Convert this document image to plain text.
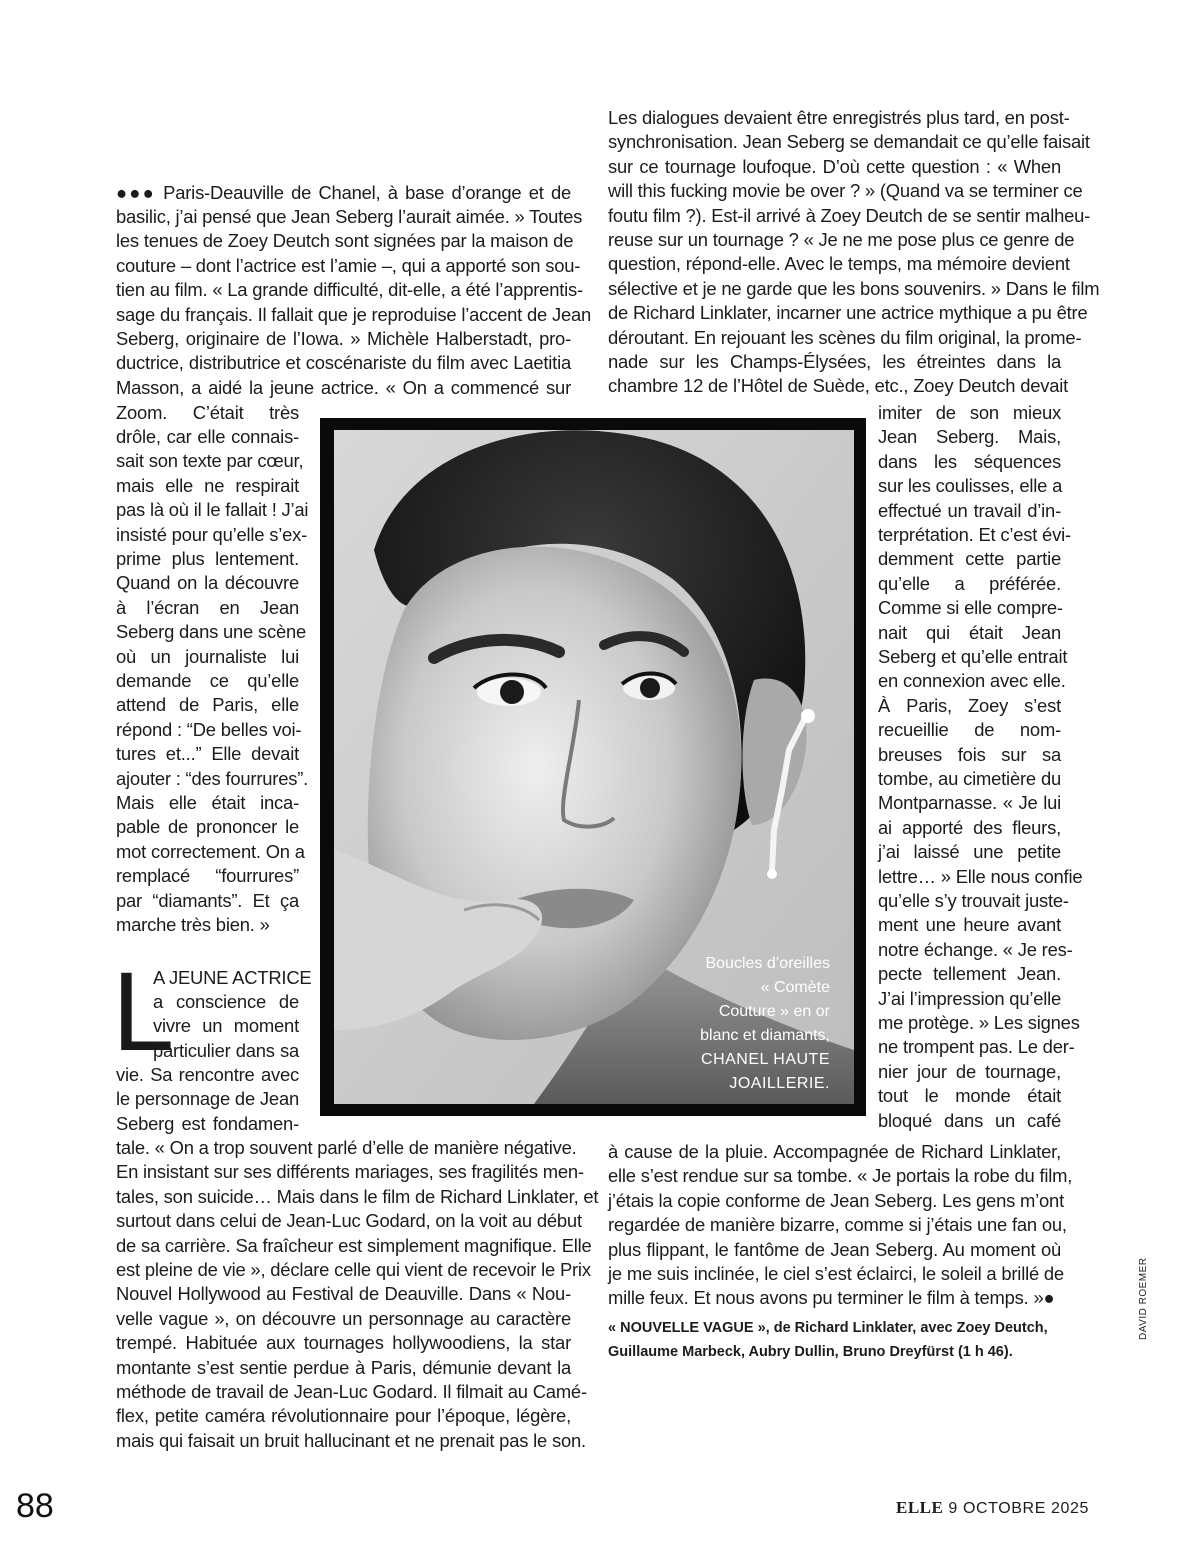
Boucles d’oreilles
« Comète
Couture » en or
blanc et diamants,
CHANEL HAUTE
JOAILLERIE.
L
●●● Paris-Deauville de Chanel, à base d’orange et de
basilic, j’ai pensé que Jean Seberg l’aurait aimée. » Toutes
les tenues de Zoey Deutch sont signées par la maison de
couture – dont l’actrice est l’amie –, qui a apporté son sou-
tien au film. « La grande difficulté, dit-elle, a été l’apprentis-
sage du français. Il fallait que je reproduise l’accent de Jean
Seberg, originaire de l’Iowa. » Michèle Halberstadt, pro-
ductrice, distributrice et coscénariste du film avec Laetitia
Masson, a aidé la jeune actrice. « On a commencé sur
Zoom. C’était très
drôle, car elle connais-
sait son texte par cœur,
mais elle ne respirait
pas là où il le fallait ! J’ai
insisté pour qu’elle s’ex-
prime plus lentement.
Quand on la découvre
à l’écran en Jean
Seberg dans une scène
où un journaliste lui
demande ce qu’elle
attend de Paris, elle
répond : “De belles voi-
tures et...” Elle devait
ajouter : “des fourrures”.
Mais elle était inca-
pable de prononcer le
mot correctement. On a
remplacé “fourrures”
par “diamants”. Et ça
marche très bien. »
A JEUNE ACTRICE
a conscience de
vivre un moment
particulier dans sa
vie. Sa rencontre avec
le personnage de Jean
Seberg est fondamen-
tale. « On a trop souvent parlé d’elle de manière négative.
En insistant sur ses différents mariages, ses fragilités men-
tales, son suicide… Mais dans le film de Richard Linklater, et
surtout dans celui de Jean-Luc Godard, on la voit au début
de sa carrière. Sa fraîcheur est simplement magnifique. Elle
est pleine de vie », déclare celle qui vient de recevoir le Prix
Nouvel Hollywood au Festival de Deauville. Dans « Nou-
velle vague », on découvre un personnage au caractère
trempé. Habituée aux tournages hollywoodiens, la star
montante s’est sentie perdue à Paris, démunie devant la
méthode de travail de Jean-Luc Godard. Il filmait au Camé-
flex, petite caméra révolutionnaire pour l’époque, légère,
mais qui faisait un bruit hallucinant et ne prenait pas le son.
Les dialogues devaient être enregistrés plus tard, en post-
synchronisation. Jean Seberg se demandait ce qu’elle faisait
sur ce tournage loufoque. D’où cette question : « When
will this fucking movie be over ? » (Quand va se terminer ce
foutu film ?). Est-il arrivé à Zoey Deutch de se sentir malheu-
reuse sur un tournage ? « Je ne me pose plus ce genre de
question, répond-elle. Avec le temps, ma mémoire devient
sélective et je ne garde que les bons souvenirs. » Dans le film
de Richard Linklater, incarner une actrice mythique a pu être
déroutant. En rejouant les scènes du film original, la prome-
nade sur les Champs-Élysées, les étreintes dans la
chambre 12 de l’Hôtel de Suède, etc., Zoey Deutch devait
imiter de son mieux
Jean Seberg. Mais,
dans les séquences
sur les coulisses, elle a
effectué un travail d’in-
terprétation. Et c’est évi-
demment cette partie
qu’elle a préférée.
Comme si elle compre-
nait qui était Jean
Seberg et qu’elle entrait
en connexion avec elle.
À Paris, Zoey s’est
recueillie de nom-
breuses fois sur sa
tombe, au cimetière du
Montparnasse. « Je lui
ai apporté des fleurs,
j’ai laissé une petite
lettre… » Elle nous confie
qu’elle s’y trouvait juste-
ment une heure avant
notre échange. « Je res-
pecte tellement Jean.
J’ai l’impression qu’elle
me protège. » Les signes
ne trompent pas. Le der-
nier jour de tournage,
tout le monde était
bloqué dans un café
à cause de la pluie. Accompagnée de Richard Linklater,
elle s’est rendue sur sa tombe. « Je portais la robe du film,
j’étais la copie conforme de Jean Seberg. Les gens m’ont
regardée de manière bizarre, comme si j’étais une fan ou,
plus flippant, le fantôme de Jean Seberg. Au moment où
je me suis inclinée, le ciel s’est éclairci, le soleil a brillé de
mille feux. Et nous avons pu terminer le film à temps. »●
« NOUVELLE VAGUE », de Richard Linklater, avec Zoey Deutch,
Guillaume Marbeck, Aubry Dullin, Bruno Dreyfürst (1 h 46).
DAVID ROEMER
88	ELLE 9 OCTOBRE 2025
